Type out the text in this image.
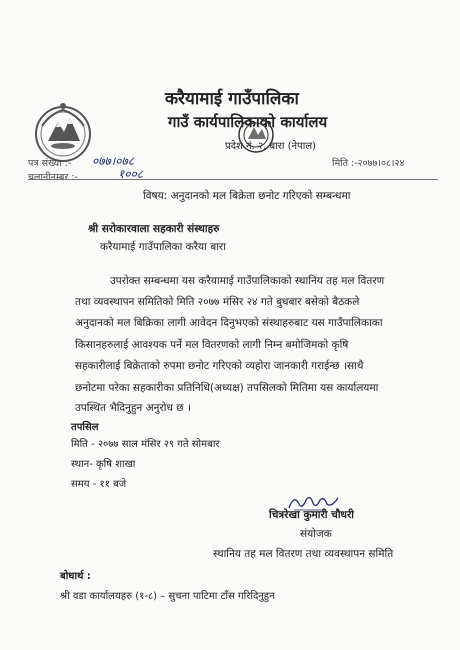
करैयामाई गाउँपालिका
गाउँ कार्यपालिकाको कार्यालय
प्रदेश नं. २, बारा (नेपाल)
पत्र संख्या :- ०७७।०७८
चलानीनम्बर :-	१००८
मिति :-२०७७।०८।२४
विषय: अनुदानको मल बिक्रेता छनोट गरिएको सम्बन्धमा
श्री सरोकारवाला सहकारी संस्थाहरु
करैयामाई गाउँपालिका करैया बारा
उपरोक्त सम्बन्धमा यस करैयामाई गाउँपालिकाको स्थानिय तह मल वितरण
तथा व्यवस्थापन समितिको मिति २०७७ मंसिर २४ गते बुधबार बसेको बैठकले
अनुदानको मल बिक्रिका लागी आवेदन दिनुभएको संस्थाहरुबाट यस गाउँपालिकाका
किसानहरुलाई आवश्यक पर्ने मल वितरणको लागी निम्न बमोजिमको कृषि
सहकारीलाई बिक्रेताको रुपमा छनोट गरिएको व्यहोरा जानकारी गराईन्छ ।साथै
छनोटमा परेका सहकारीका प्रतिनिधि(अध्यक्ष) तपसिलको मितिमा यस कार्यालयमा
उपस्थित भैदिनुहुन अनुरोध छ ।
तपसिल
मिति - २०७७ साल मंसिर २९ गते सोमबार
स्थान- कृषि शाखा
समय - ११ बजे
चित्ररेखा कुमारी चौधरी
संयोजक
स्थानिय तह मल वितरण तथा व्यवस्थापन समिति
बोधार्थ :
श्री वडा कार्यालयहरु (१-८) – सुचना पाटिमा टाँस गरिदिनुहुन
